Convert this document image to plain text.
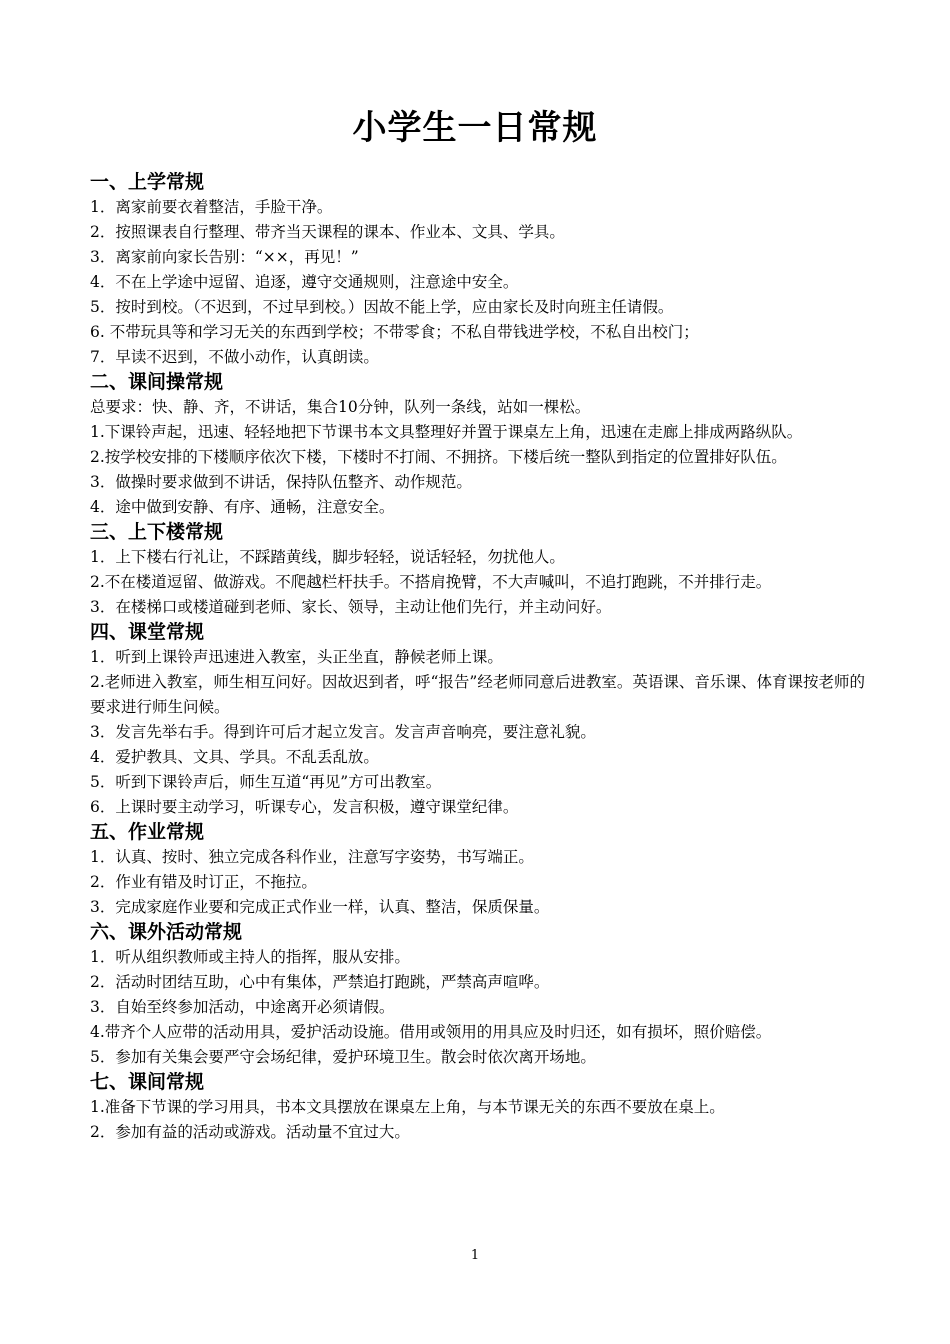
小学生一日常规

一、上学常规

1．离家前要衣着整洁，手脸干净。

2．按照课表自行整理、带齐当天课程的课本、作业本、文具、学具。

3．离家前向家长告别：“××，再见！”

4．不在上学途中逗留、追逐，遵守交通规则，注意途中安全。

5．按时到校。（不迟到，不过早到校。）因故不能上学，应由家长及时向班主任请假。

6. 不带玩具等和学习无关的东西到学校；不带零食；不私自带钱进学校，不私自出校门；

7．早读不迟到，不做小动作，认真朗读。

二、课间操常规

总要求：快、静、齐，不讲话，集合10分钟，队列一条线，站如一棵松。

1.下课铃声起，迅速、轻轻地把下节课书本文具整理好并置于课桌左上角，迅速在走廊上排成两路纵队。

2.按学校安排的下楼顺序依次下楼，下楼时不打闹、不拥挤。下楼后统一整队到指定的位置排好队伍。

3．做操时要求做到不讲话，保持队伍整齐、动作规范。

4．途中做到安静、有序、通畅，注意安全。

三、上下楼常规

1．上下楼右行礼让，不踩踏黄线，脚步轻轻，说话轻轻，勿扰他人。

2.不在楼道逗留、做游戏。不爬越栏杆扶手。不搭肩挽臂，不大声喊叫，不追打跑跳，不并排行走。

3．在楼梯口或楼道碰到老师、家长、领导，主动让他们先行，并主动问好。

四、课堂常规

1．听到上课铃声迅速进入教室，头正坐直，静候老师上课。

2.老师进入教室，师生相互问好。因故迟到者，呼“报告”经老师同意后进教室。英语课、音乐课、体育课按老师的要求进行师生问候。

3．发言先举右手。得到许可后才起立发言。发言声音响亮，要注意礼貌。

4．爱护教具、文具、学具。不乱丢乱放。

5．听到下课铃声后，师生互道“再见”方可出教室。

6．上课时要主动学习，听课专心，发言积极，遵守课堂纪律。

五、作业常规

1．认真、按时、独立完成各科作业，注意写字姿势，书写端正。

2．作业有错及时订正，不拖拉。

3．完成家庭作业要和完成正式作业一样，认真、整洁，保质保量。

六、课外活动常规

1．听从组织教师或主持人的指挥，服从安排。

2．活动时团结互助，心中有集体，严禁追打跑跳，严禁高声喧哗。

3．自始至终参加活动，中途离开必须请假。

4.带齐个人应带的活动用具，爱护活动设施。借用或领用的用具应及时归还，如有损坏，照价赔偿。

5．参加有关集会要严守会场纪律，爱护环境卫生。散会时依次离开场地。

七、课间常规

1.准备下节课的学习用具，书本文具摆放在课桌左上角，与本节课无关的东西不要放在桌上。

2．参加有益的活动或游戏。活动量不宜过大。

1
